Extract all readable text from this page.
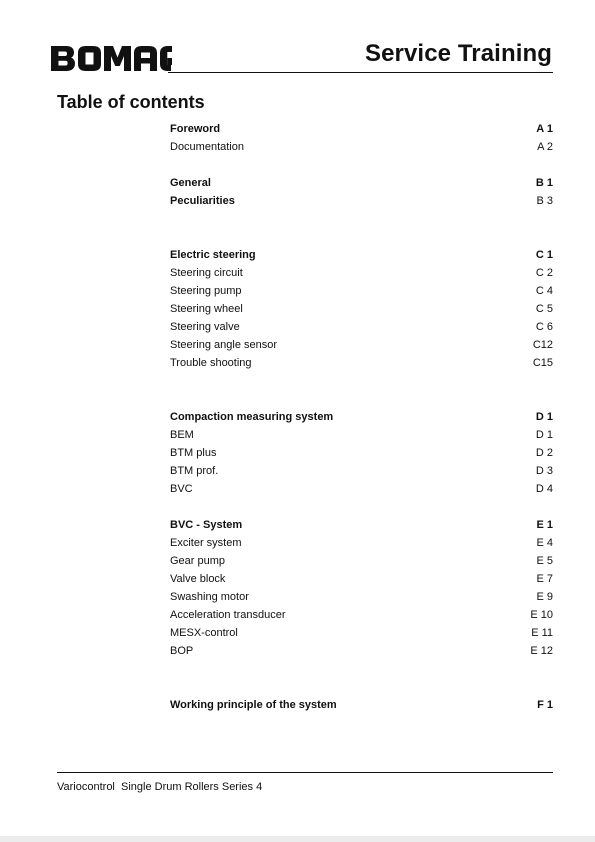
Service Training
Table of contents
Foreword	A 1
Documentation	A 2
General	B 1
Peculiarities	B 3
Electric steering	C 1
Steering circuit	C 2
Steering pump	C 4
Steering wheel	C 5
Steering valve	C 6
Steering angle sensor	C12
Trouble shooting	C15
Compaction measuring system	D 1
BEM	D 1
BTM plus	D 2
BTM prof.	D 3
BVC	D 4
BVC - System	E 1
Exciter system	E 4
Gear pump	E 5
Valve block	E 7
Swashing motor	E 9
Acceleration transducer	E 10
MESX-control	E 11
BOP	E 12
Working principle of the system	F 1
Variocontrol  Single Drum Rollers Series 4
